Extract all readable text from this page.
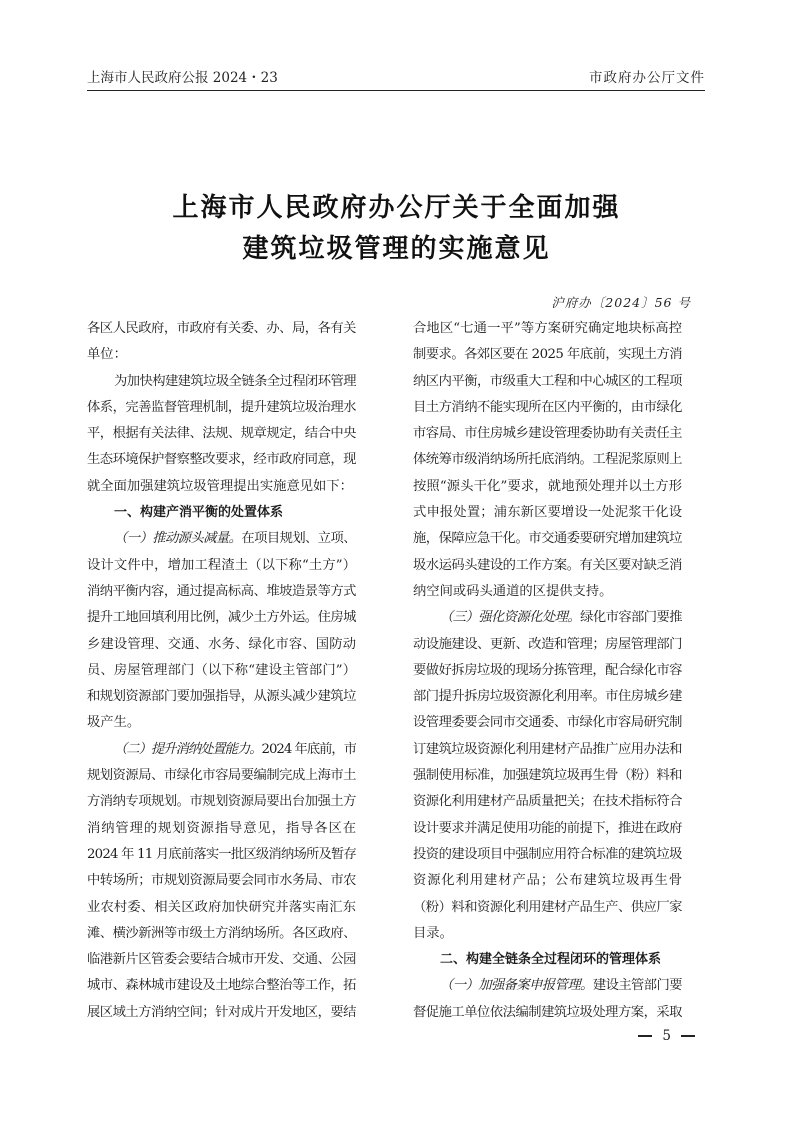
上海市人民政府公报 2024・23	市政府办公厅文件
上海市人民政府办公厅关于全面加强
建筑垃圾管理的实施意见
沪府办〔2024〕56 号
各区人民政府，市政府有关委、办、局，各有关
单位：
为加快构建建筑垃圾全链条全过程闭环管理
体系，完善监督管理机制，提升建筑垃圾治理水
平，根据有关法律、法规、规章规定，结合中央
生态环境保护督察整改要求，经市政府同意，现
就全面加强建筑垃圾管理提出实施意见如下：
一、构建产消平衡的处置体系
（一）推动源头减量。在项目规划、立项、
设计文件中，增加工程渣土（以下称“土方”）
消纳平衡内容，通过提高标高、堆坡造景等方式
提升工地回填利用比例，减少土方外运。住房城
乡建设管理、交通、水务、绿化市容、国防动
员、房屋管理部门（以下称“建设主管部门”）
和规划资源部门要加强指导，从源头减少建筑垃
圾产生。
（二）提升消纳处置能力。2024 年底前，市
规划资源局、市绿化市容局要编制完成上海市土
方消纳专项规划。市规划资源局要出台加强土方
消纳管理的规划资源指导意见，指导各区在
2024 年 11 月底前落实一批区级消纳场所及暂存
中转场所；市规划资源局要会同市水务局、市农
业农村委、相关区政府加快研究并落实南汇东
滩、横沙新洲等市级土方消纳场所。各区政府、
临港新片区管委会要结合城市开发、交通、公园
城市、森林城市建设及土地综合整治等工作，拓
展区域土方消纳空间；针对成片开发地区，要结
合地区“七通一平”等方案研究确定地块标高控
制要求。各郊区要在 2025 年底前，实现土方消
纳区内平衡，市级重大工程和中心城区的工程项
目土方消纳不能实现所在区内平衡的，由市绿化
市容局、市住房城乡建设管理委协助有关责任主
体统筹市级消纳场所托底消纳。工程泥浆原则上
按照“源头干化”要求，就地预处理并以土方形
式申报处置；浦东新区要增设一处泥浆干化设
施，保障应急干化。市交通委要研究增加建筑垃
圾水运码头建设的工作方案。有关区要对缺乏消
纳空间或码头通道的区提供支持。
（三）强化资源化处理。绿化市容部门要推
动设施建设、更新、改造和管理；房屋管理部门
要做好拆房垃圾的现场分拣管理，配合绿化市容
部门提升拆房垃圾资源化利用率。市住房城乡建
设管理委要会同市交通委、市绿化市容局研究制
订建筑垃圾资源化利用建材产品推广应用办法和
强制使用标准，加强建筑垃圾再生骨（粉）料和
资源化利用建材产品质量把关；在技术指标符合
设计要求并满足使用功能的前提下，推进在政府
投资的建设项目中强制应用符合标准的建筑垃圾
资源化利用建材产品；公布建筑垃圾再生骨
（粉）料和资源化利用建材产品生产、供应厂家
目录。
二、构建全链条全过程闭环的管理体系
（一）加强备案申报管理。建设主管部门要
督促施工单位依法编制建筑垃圾处理方案，采取
5
